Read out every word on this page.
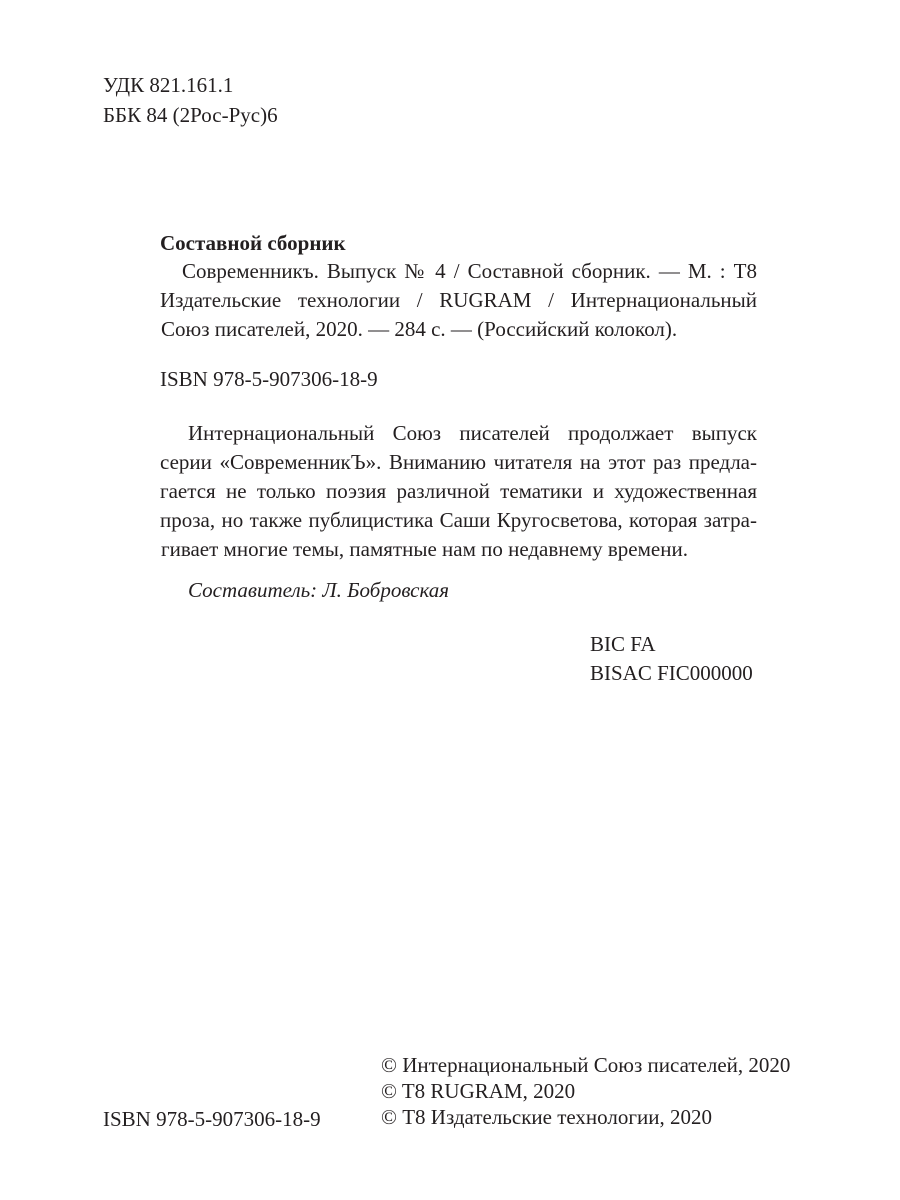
УДК 821.161.1
ББК 84 (2Рос-Рус)6
Составной сборник
Современникъ. Выпуск № 4 / Составной сборник. — М. : Т8
Издательские технологии / RUGRAM / Интернациональный
Союз писателей, 2020. — 284 с. — (Российский колокол).
ISBN 978-5-907306-18-9
Интернациональный Союз писателей продолжает выпуск
серии «СовременникЪ». Вниманию читателя на этот раз предла-
гается не только поэзия различной тематики и художественная
проза, но также публицистика Саши Кругосветова, которая затра-
гивает многие темы, памятные нам по недавнему времени.
Составитель: Л. Бобровская
BIC FA
BISAC FIC000000
ISBN 978-5-907306-18-9
© Интернациональный Союз писателей, 2020
© T8 RUGRAM, 2020
© Т8 Издательские технологии, 2020
